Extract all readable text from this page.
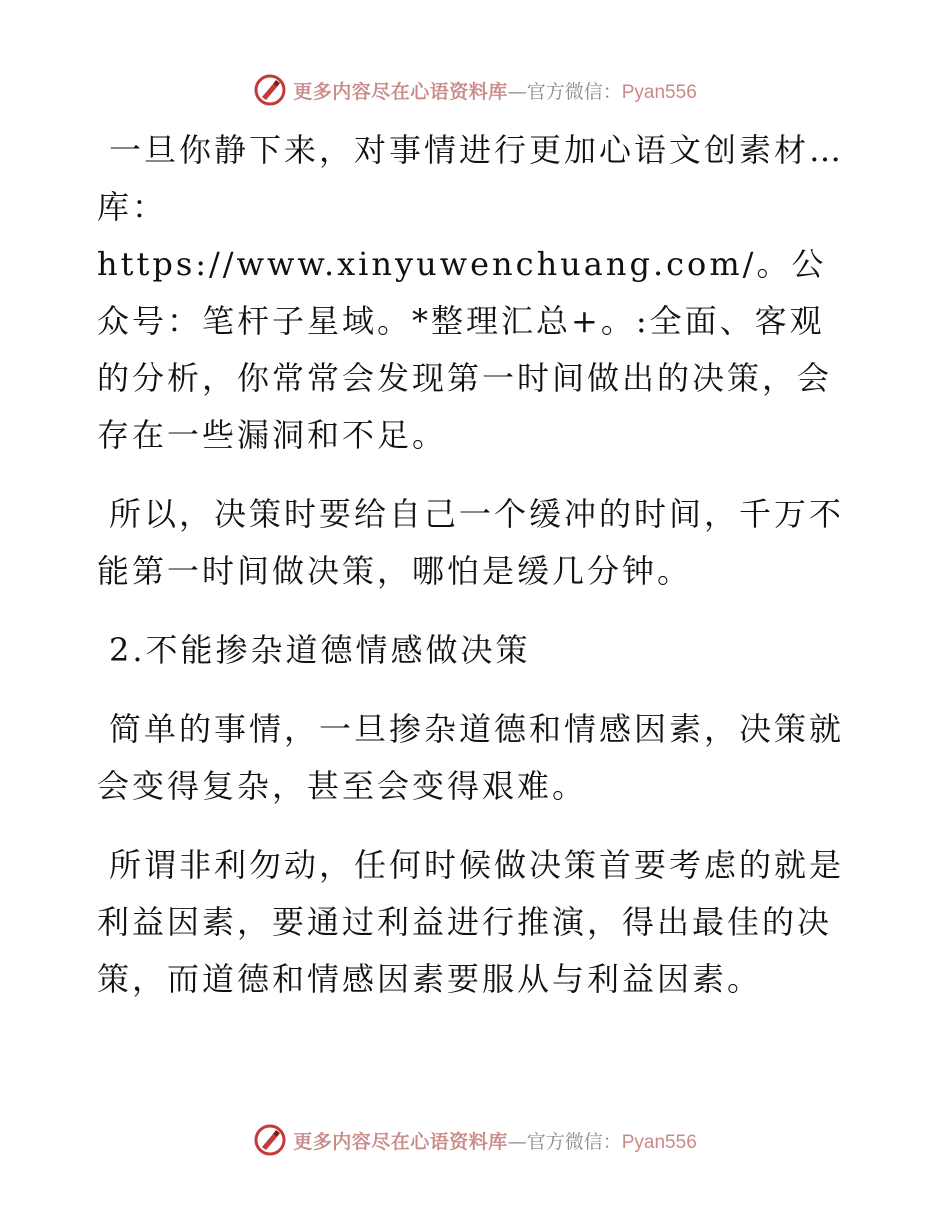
更多内容尽在心语资料库 —官方微信： Pyan556

一旦你静下来，对事情进行更加心语文创素材…库：https://www.xinyuwenchuang.com/。公众号：笔杆子星域。*整理汇总+。:全面、客观的分析，你常常会发现第一时间做出的决策，会存在一些漏洞和不足。

所以，决策时要给自己一个缓冲的时间，千万不能第一时间做决策，哪怕是缓几分钟。

2.不能掺杂道德情感做决策

简单的事情，一旦掺杂道德和情感因素，决策就会变得复杂，甚至会变得艰难。

所谓非利勿动，任何时候做决策首要考虑的就是利益因素，要通过利益进行推演，得出最佳的决策，而道德和情感因素要服从与利益因素。

更多内容尽在心语资料库 —官方微信： Pyan556
